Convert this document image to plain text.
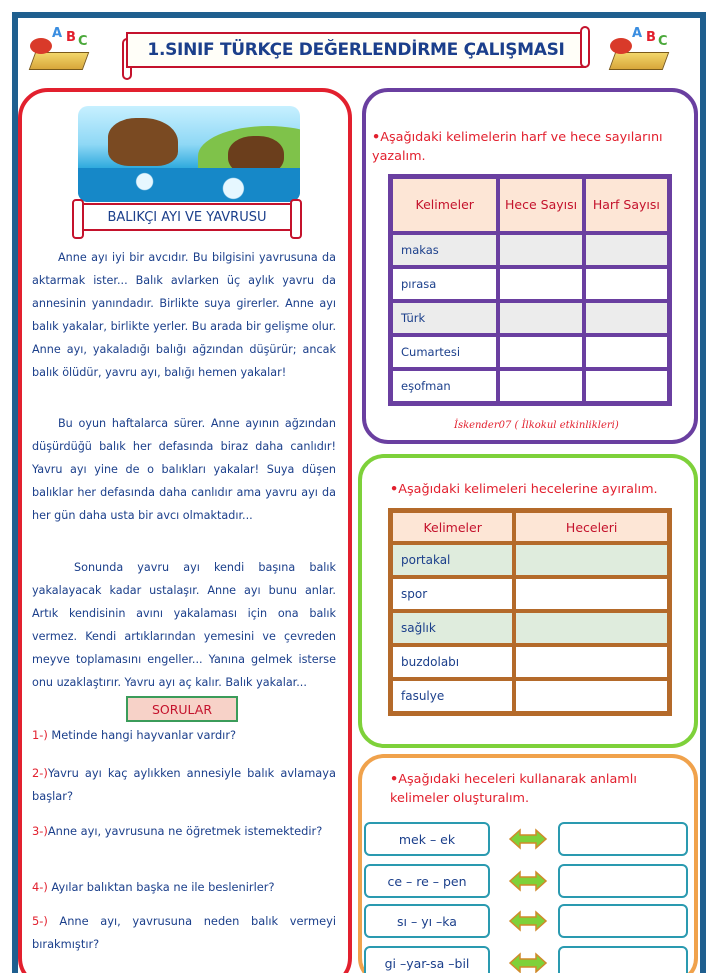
A B C
A B C
1.SINIF TÜRKÇE DEĞERLENDİRME ÇALIŞMASI
BALIKÇI AYI VE YAVRUSU

Anne ayı iyi bir avcıdır. Bu bilgisini yavrusuna da aktarmak ister... Balık avlarken üç aylık yavru da annesinin yanındadır. Birlikte suya girerler. Anne ayı balık yakalar, birlikte yerler. Bu arada bir gelişme olur. Anne ayı, yakaladığı balığı ağzından düşürür; ancak balık ölüdür, yavru ayı, balığı hemen yakalar!

Bu oyun haftalarca sürer. Anne ayının ağzından düşürdüğü balık her defasında biraz daha canlıdır! Yavru ayı yine de o balıkları yakalar! Suya düşen balıklar her defasında daha canlıdır ama yavru ayı da her gün daha usta bir avcı olmaktadır...

Sonunda yavru ayı kendi başına balık yakalayacak kadar ustalaşır. Anne ayı bunu anlar. Artık kendisinin avını yakalaması için ona balık vermez. Kendi artıklarından yemesini ve çevreden meyve toplamasını engeller... Yanına gelmek isterse onu uzaklaştırır. Yavru ayı aç kalır. Balık yakalar...

SORULAR

1-) Metinde hangi hayvanlar vardır?

2-)Yavru ayı kaç aylıkken annesiyle balık avlamaya başlar?

3-)Anne ayı, yavrusuna ne öğretmek istemektedir?

4-) Ayılar balıktan başka ne ile beslenirler?

5-) Anne ayı, yavrusuna neden balık vermeyi bırakmıştır?

•Aşağıdaki kelimelerin harf ve hece sayılarını yazalım.

Kelimeler	Hece Sayısı	Harf Sayısı
makas		
pırasa		
Türk		
Cumartesi		
eşofman		
İskender07 ( İlkokul etkinlikleri)

•Aşağıdaki kelimeleri hecelerine ayıralım.

Kelimeler	Heceleri
portakal	
spor	
sağlık	
buzdolabı	
fasulye	

•Aşağıdaki heceleri kullanarak anlamlı kelimeler oluşturalım.

mek – ek
ce – re – pen
sı – yı –ka
gi –yar-sa –bil
